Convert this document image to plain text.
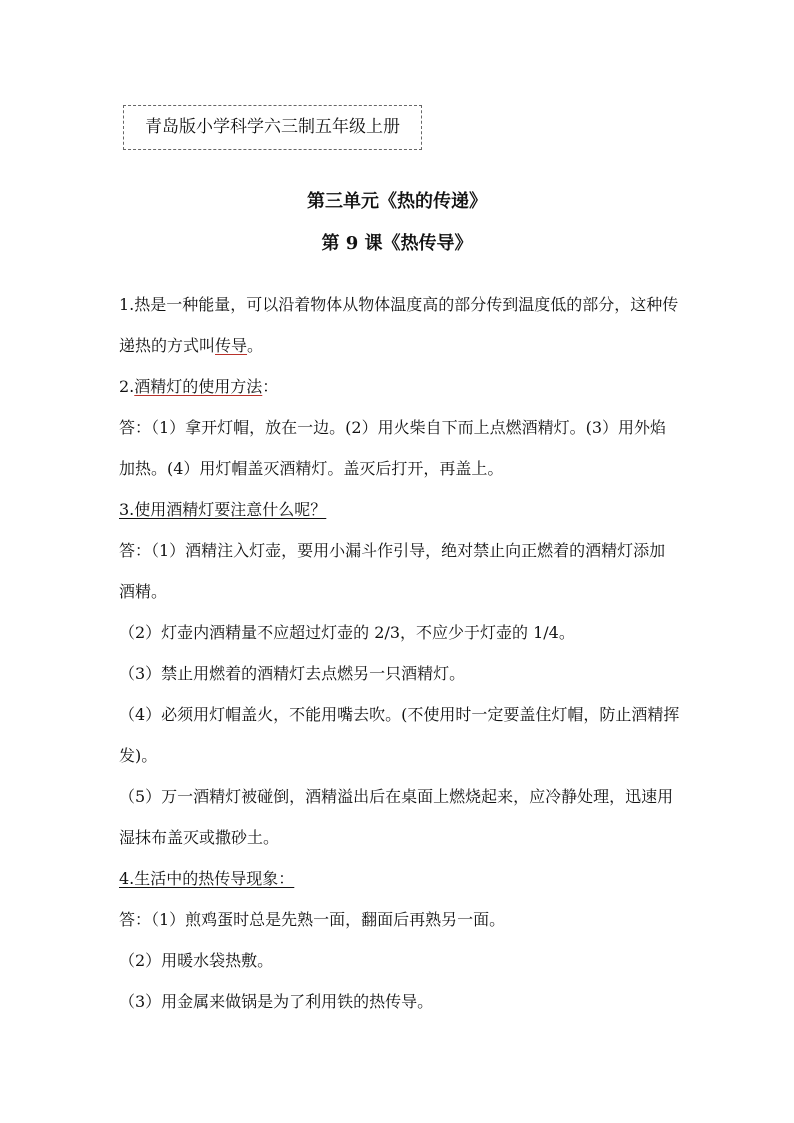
青岛版小学科学六三制五年级上册
第三单元《热的传递》
第 9 课《热传导》
1.热是一种能量，可以沿着物体从物体温度高的部分传到温度低的部分，这种传
递热的方式叫传导。
2.酒精灯的使用方法：
答：（1）拿开灯帽，放在一边。(2）用火柴自下而上点燃酒精灯。(3）用外焰
加热。(4）用灯帽盖灭酒精灯。盖灭后打开，再盖上。
3.使用酒精灯要注意什么呢？
答：（1）酒精注入灯壶，要用小漏斗作引导，绝对禁止向正燃着的酒精灯添加
酒精。
（2）灯壶内酒精量不应超过灯壶的 2/3，不应少于灯壶的 1/4。
（3）禁止用燃着的酒精灯去点燃另一只酒精灯。
（4）必须用灯帽盖火，不能用嘴去吹。(不使用时一定要盖住灯帽，防止酒精挥
发)。
（5）万一酒精灯被碰倒，酒精溢出后在桌面上燃烧起来，应冷静处理，迅速用
湿抹布盖灭或撒砂土。
4.生活中的热传导现象：
答：（1）煎鸡蛋时总是先熟一面，翻面后再熟另一面。
（2）用暖水袋热敷。
（3）用金属来做锅是为了利用铁的热传导。
